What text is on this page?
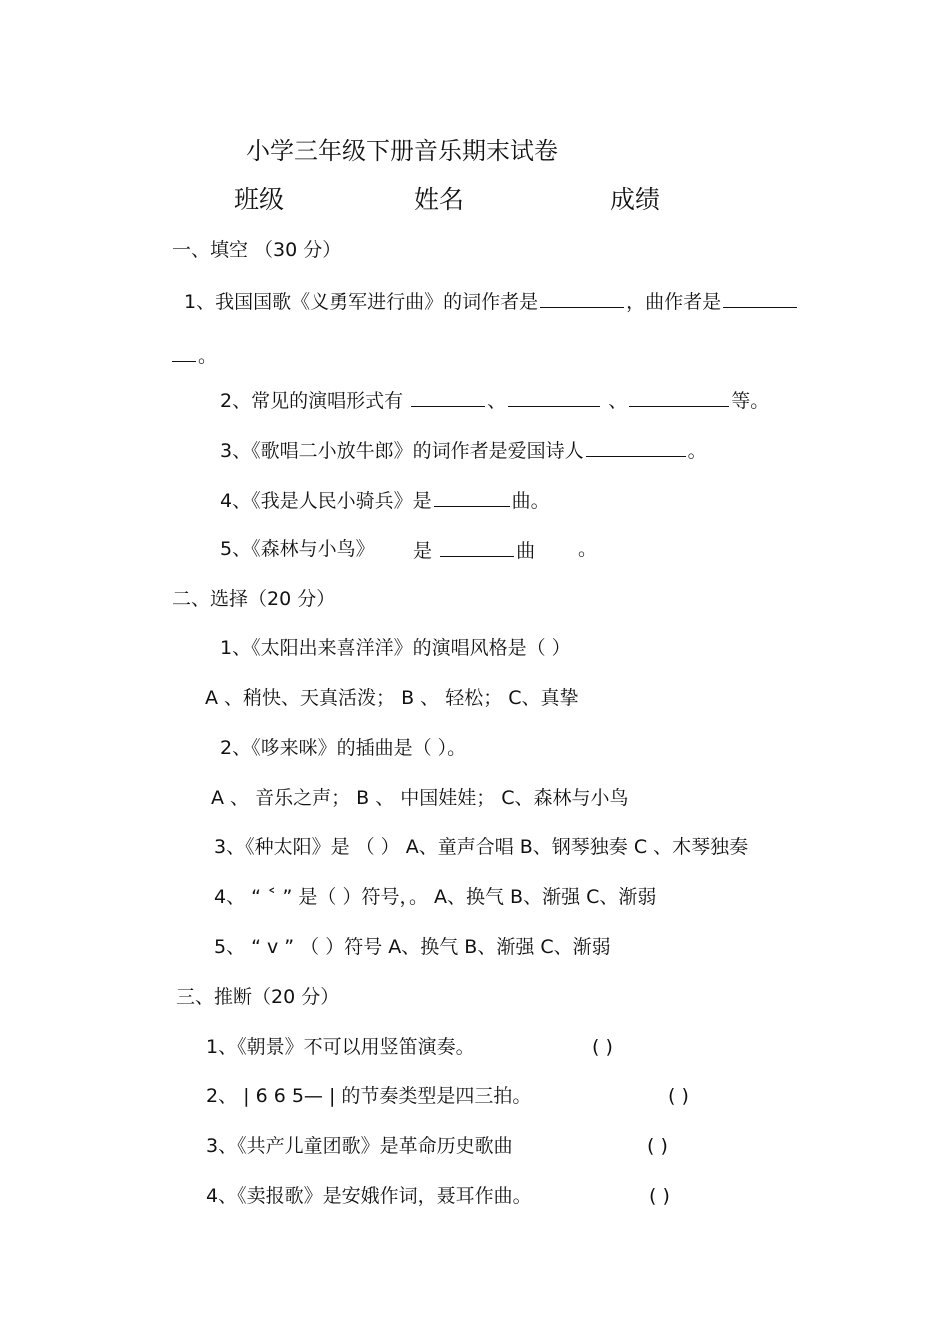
小学三年级下册音乐期末试卷
班级	姓名	成绩
一、填空 （30 分）
1、我国国歌《义勇军进行曲》的词作者是	，曲作者是
。
2、常见的演唱形式有	、	、	等。
3、《歌唱二小放牛郎》的词作者是爱国诗人	。
4、《我是人民小骑兵》是	曲。
5、《森林与小鸟》 是	曲 。
二、选择（20 分）
1、《太阳出来喜洋洋》的演唱风格是（ ）
A 、稍快、天真活泼； B 、 轻松； C、真挚
2、《哆来咪》的插曲是（ ）。
A 、 音乐之声； B 、 中国娃娃； C、森林与小鸟
3、《种太阳》是 （ ） A、童声合唱 B、钢琴独奏 C 、木琴独奏
4、 “ ˂ ” 是（ ）符号，。 A、换气 B、渐强 C、渐弱
5、 “ v ” （ ）符号 A、换气 B、渐强 C、渐弱
三、推断（20 分）
1、《朝景》不可以用竖笛演奏。	( )
2、 | 6 6 5— | 的节奏类型是四三拍。	( )
3、《共产儿童团歌》是革命历史歌曲	( )
4、《卖报歌》是安娥作词，聂耳作曲。	( )
